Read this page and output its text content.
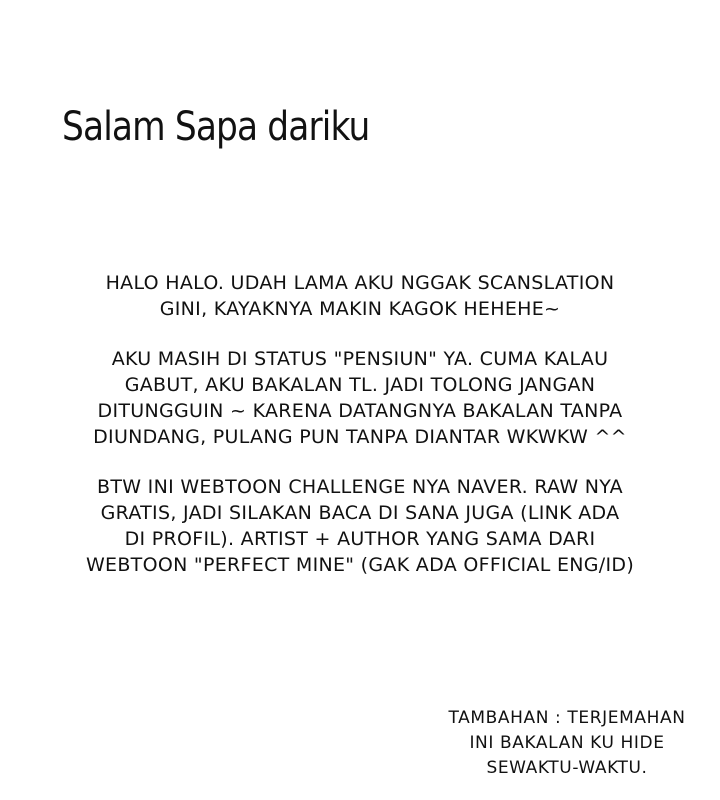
Salam Sapa dariku
HALO HALO. UDAH LAMA AKU NGGAK SCANSLATION
GINI, KAYAKNYA MAKIN KAGOK HEHEHE~
AKU MASIH DI STATUS "PENSIUN" YA. CUMA KALAU
GABUT, AKU BAKALAN TL. JADI TOLONG JANGAN
DITUNGGUIN ~ KARENA DATANGNYA BAKALAN TANPA
DIUNDANG, PULANG PUN TANPA DIANTAR WKWKW ^^
BTW INI WEBTOON CHALLENGE NYA NAVER. RAW NYA
GRATIS, JADI SILAKAN BACA DI SANA JUGA (LINK ADA
DI PROFIL). ARTIST + AUTHOR YANG SAMA DARI
WEBTOON "PERFECT MINE" (GAK ADA OFFICIAL ENG/ID)
TAMBAHAN : TERJEMAHAN
INI BAKALAN KU HIDE
SEWAKTU-WAKTU.
